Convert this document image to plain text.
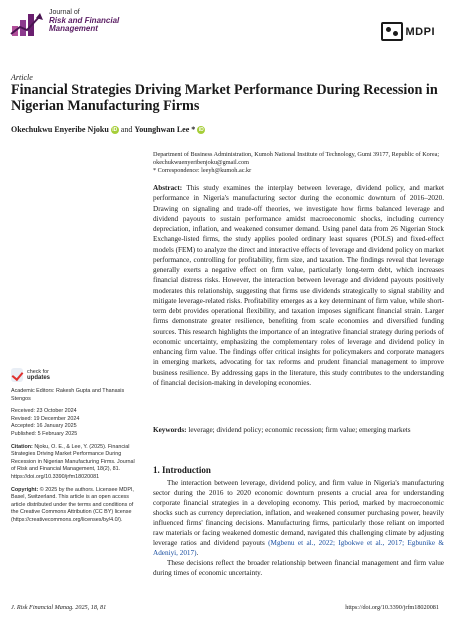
Journal of
Risk and Financial
Management	MDPI
Article
Financial Strategies Driving Market Performance During Recession in Nigerian Manufacturing Firms
Okechukwu Enyeribe Njoku iD and Younghwan Lee * iD
Department of Business Administration, Kumoh National Institute of Technology, Gumi 39177, Republic of Korea; okechukwuenyeribenjoku@gmail.com
* Correspondence: leeyh@kumoh.ac.kr
Abstract: This study examines the interplay between leverage, dividend policy, and market performance in Nigeria's manufacturing sector during the economic downturn of 2016–2020. Drawing on signaling and trade-off theories, we investigate how firms balanced leverage and dividend payouts to sustain performance amidst macroeconomic shocks, including currency depreciation, inflation, and weakened consumer demand. Using panel data from 26 Nigerian Stock Exchange-listed firms, the study applies pooled ordinary least squares (POLS) and fixed-effect models (FEM) to analyze the direct and interactive effects of leverage and dividend policy on market performance, controlling for profitability, firm size, and taxation. The findings reveal that leverage generally exerts a negative effect on firm value, particularly long-term debt, which increases financial distress risks. However, the interaction between leverage and dividend payouts positively moderates this relationship, suggesting that firms use dividends strategically to signal stability and mitigate leverage-related risks. Profitability emerges as a key determinant of firm value, while short-term debt provides operational flexibility, and taxation imposes significant financial strain. Larger firms demonstrate greater resilience, benefiting from scale economies and diversified funding sources. This research highlights the importance of an integrative financial strategy during periods of economic uncertainty, emphasizing the complementary roles of leverage and dividend policy in enhancing firm value. The findings offer critical insights for policymakers and corporate managers in emerging markets, advocating for tax reforms and prudent financial management to improve business resilience. By addressing gaps in the literature, this study contributes to the understanding of financial decision-making in developing economies.
Keywords: leverage; dividend policy; economic recession; firm value; emerging markets
check for
updates

Academic Editors: Rakesh Gupta and Thanasis Stengos

Received: 23 October 2024
Revised: 19 December 2024
Accepted: 16 January 2025

Published: 5 February 2025

Citation: Njoku, O. E., & Lee, Y. (2025). Financial Strategies Driving Market Performance During Recession in Nigerian Manufacturing Firms. Journal of Risk and Financial Management, 18(2), 81. https://doi.org/10.3390/jrfm18020081

Copyright: © 2025 by the authors. Licensee MDPI, Basel, Switzerland. This article is an open access article distributed under the terms and conditions of the Creative Commons Attribution (CC BY) license (https://creativecommons.org/licenses/by/4.0/).

1. Introduction

The interaction between leverage, dividend policy, and firm value in Nigeria's manufacturing sector during the 2016 to 2020 economic downturn presents a crucial area for understanding corporate financial strategies in a developing economy. This period, marked by macroeconomic shocks such as currency depreciation, inflation, and weakened consumer purchasing power, heavily influenced firms' financing decisions. Manufacturing firms, particularly those reliant on imported raw materials or facing weakened domestic demand, navigated this challenging climate by adjusting leverage ratios and dividend payouts (Mgbenu et al., 2022; Igbokwe et al., 2017; Egbunike & Adeniyi, 2017).

These decisions reflect the broader relationship between financial management and firm value during times of economic uncertainty.

J. Risk Financial Manag. 2025, 18, 81	https://doi.org/10.3390/jrfm18020081
